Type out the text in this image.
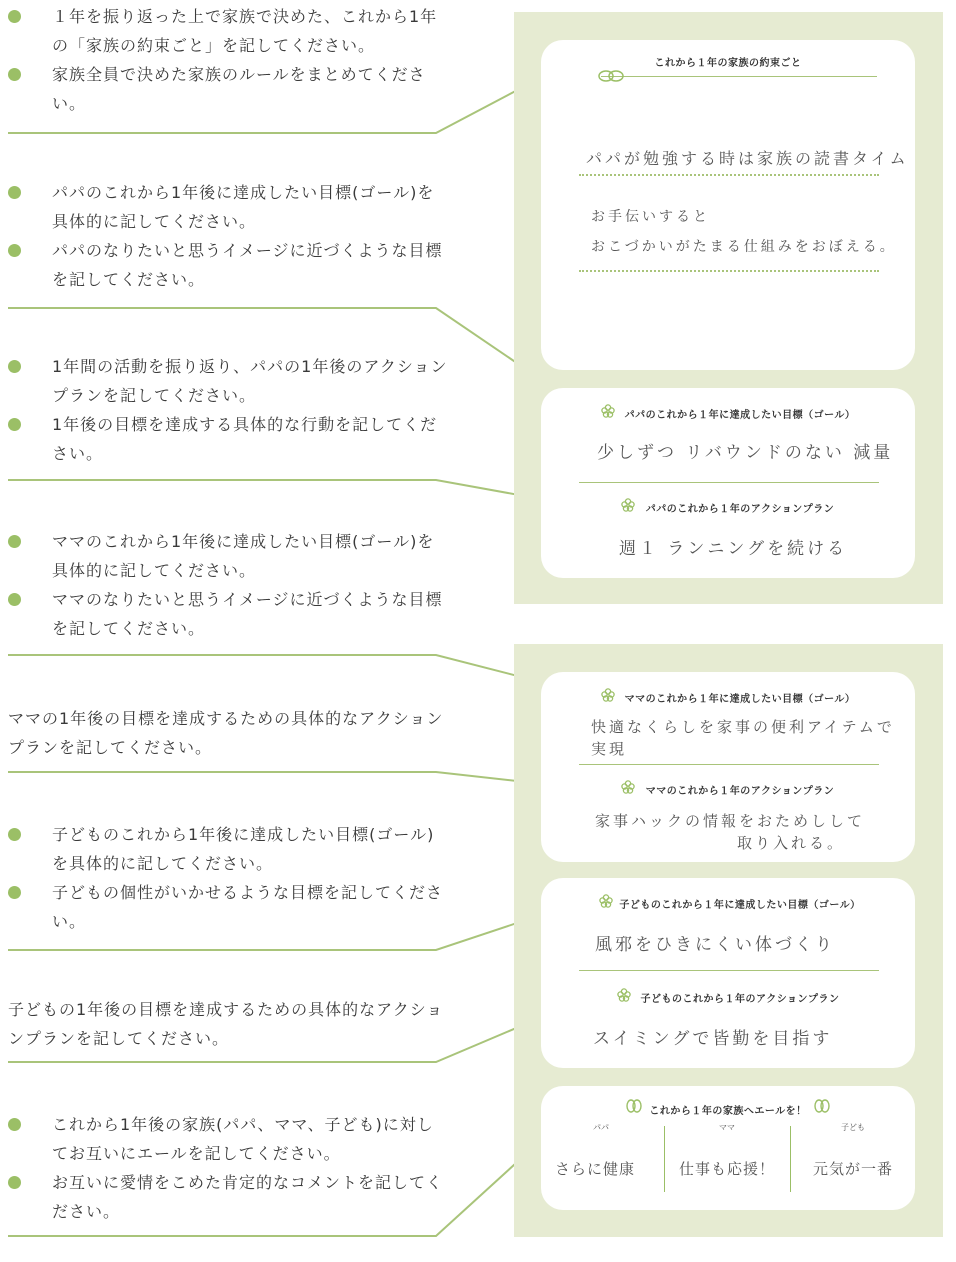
１年を振り返った上で家族で決めた、これから1年の「家族の約束ごと」を記してください。
家族全員で決めた家族のルールをまとめてください。
パパのこれから1年後に達成したい目標(ゴール)を具体的に記してください。
パパのなりたいと思うイメージに近づくような目標を記してください。
1年間の活動を振り返り、パパの1年後のアクションプランを記してください。
1年後の目標を達成する具体的な行動を記してください。
ママのこれから1年後に達成したい目標(ゴール)を具体的に記してください。
ママのなりたいと思うイメージに近づくような目標を記してください。
ママの1年後の目標を達成するための具体的なアクションプランを記してください。
子どものこれから1年後に達成したい目標(ゴール)を具体的に記してください。
子どもの個性がいかせるような目標を記してください。
子どもの1年後の目標を達成するための具体的なアクションプランを記してください。
これから1年後の家族(パパ、ママ、子ども)に対してお互いにエールを記してください。
お互いに愛情をこめた肯定的なコメントを記してください。
これから１年の家族の約束ごと
パパが勉強する時は家族の読書タイム
お手伝いすると
おこづかいがたまる仕組みをおぼえる。
パパのこれから１年に達成したい目標（ゴール）
少しずつ リバウンドのない 減量
パパのこれから１年のアクションプラン
週１ ランニングを続ける
ママのこれから１年に達成したい目標（ゴール）
快適なくらしを家事の便利アイテムで
実現
ママのこれから１年のアクションプラン
家事ハックの情報をおためしして
取り入れる。
子どものこれから１年に達成したい目標（ゴール）
風邪をひきにくい体づくり
子どものこれから１年のアクションプラン
スイミングで皆勤を目指す
これから１年の家族へエールを！
パパ	ママ	子ども
さらに健康	仕事も応援！	元気が一番
